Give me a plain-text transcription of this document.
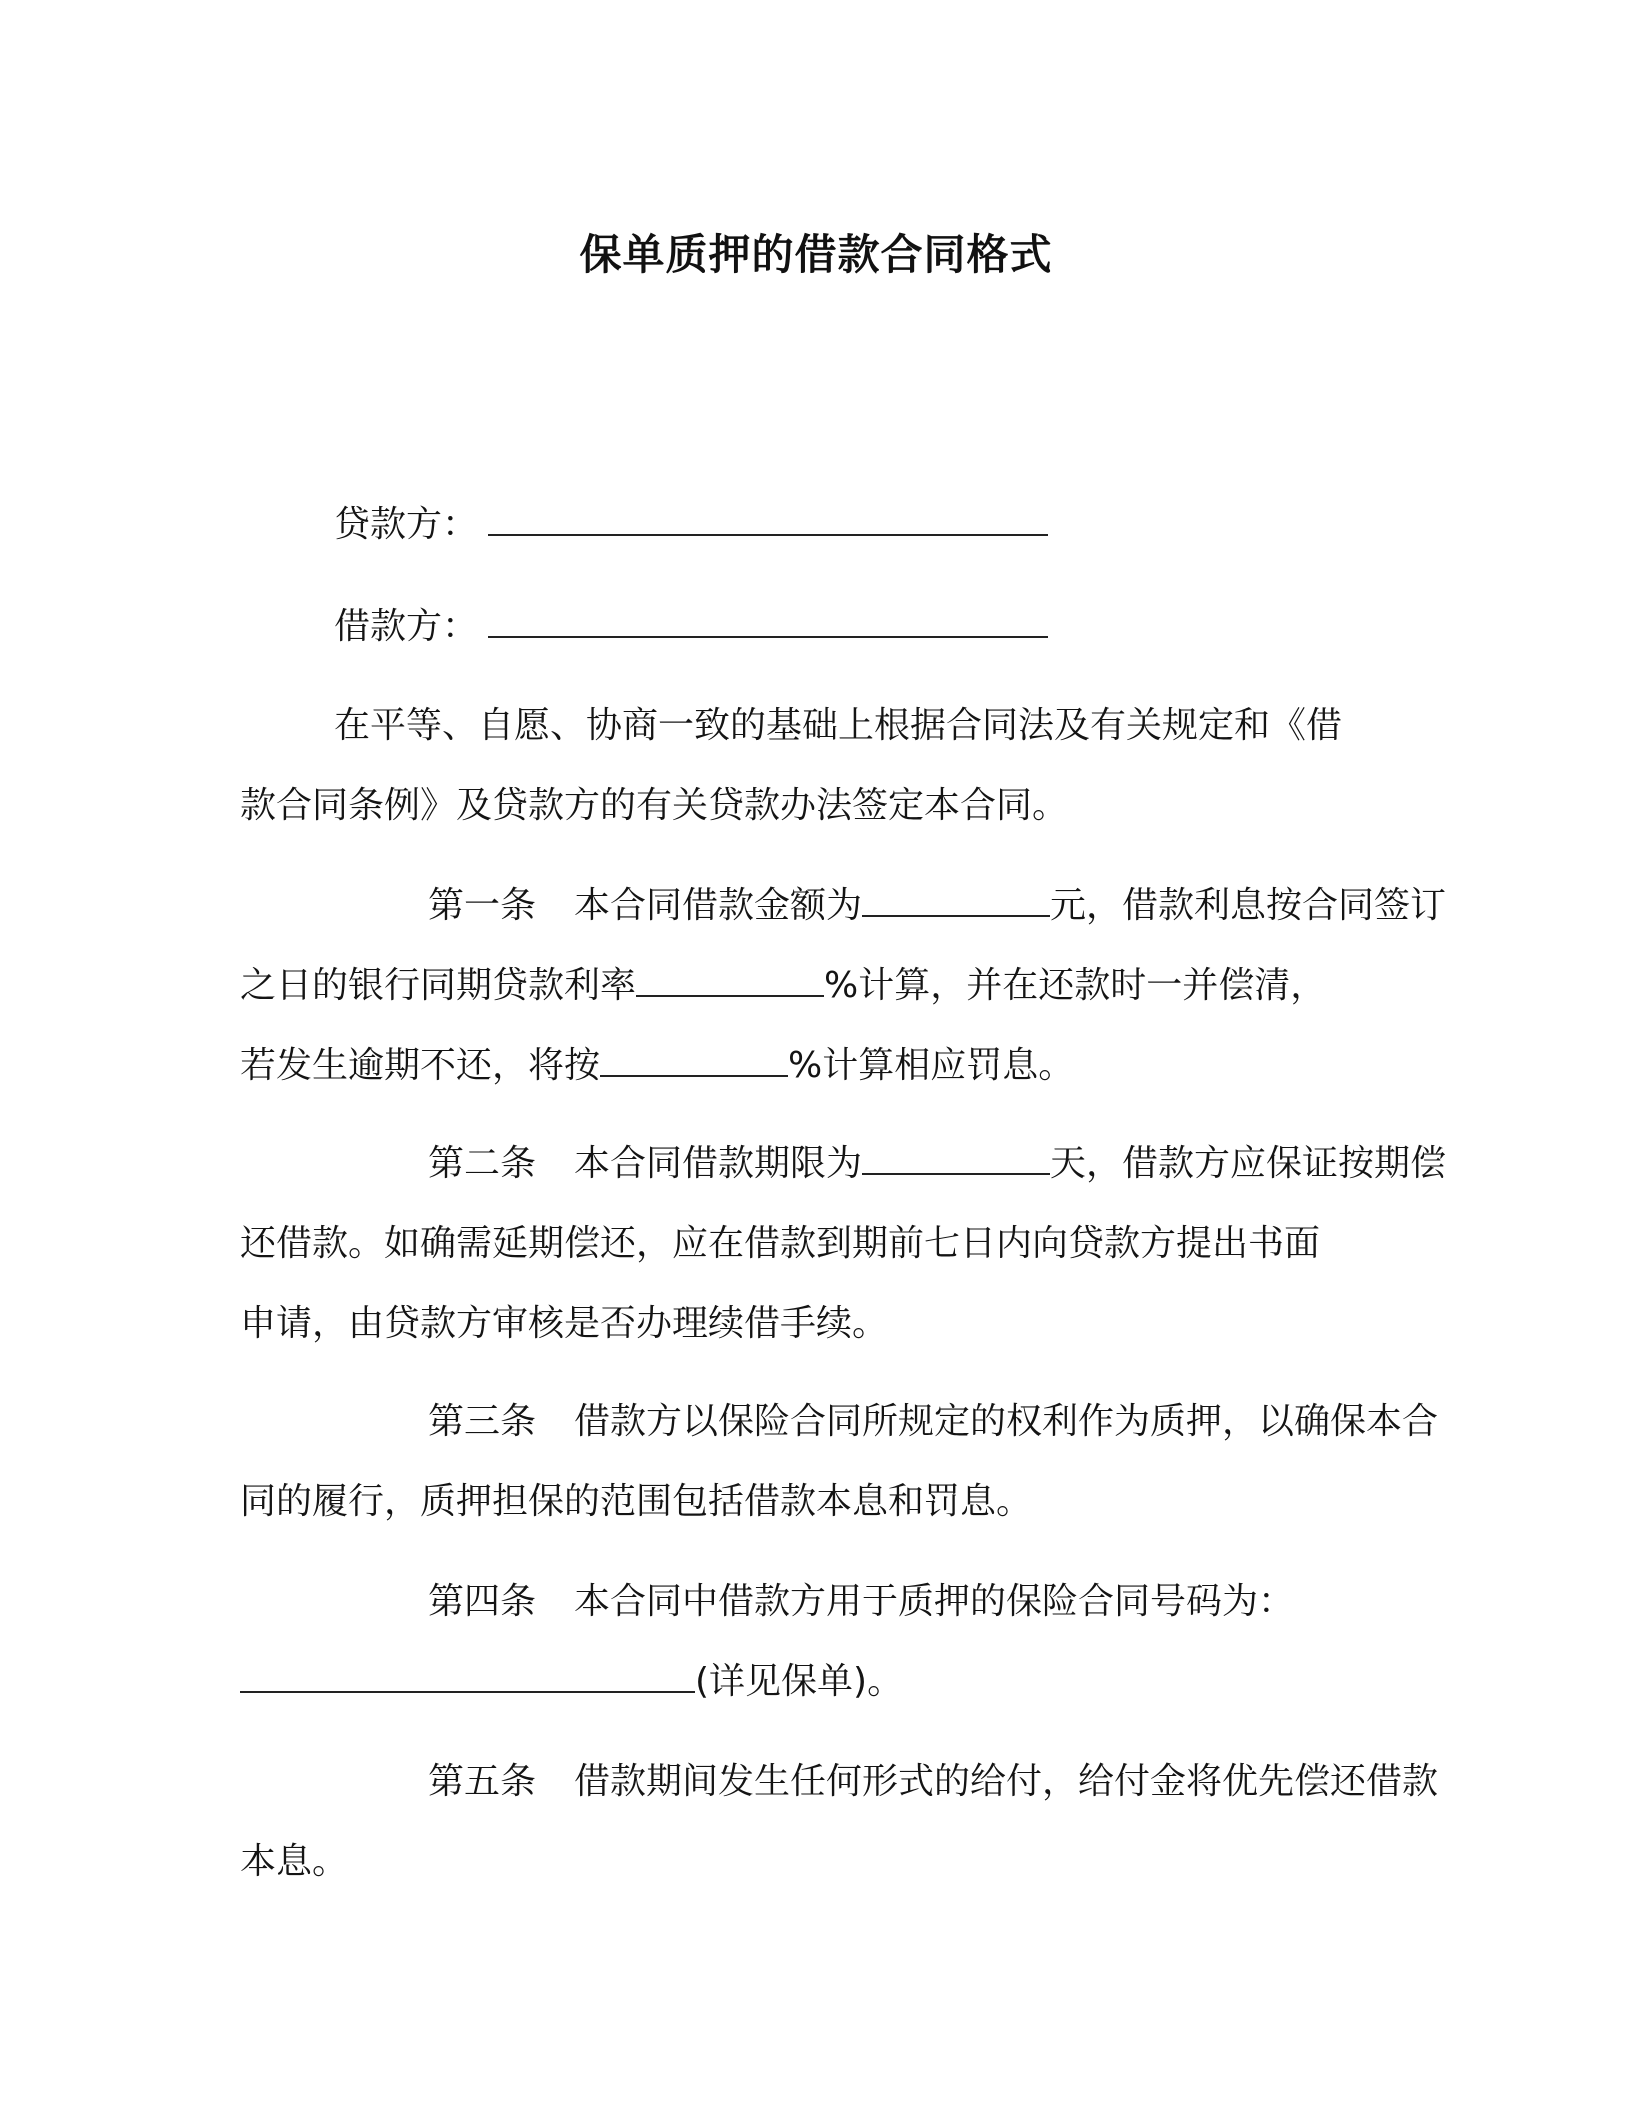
保单质押的借款合同格式
贷款方：
借款方：
在平等、自愿、协商一致的基础上根据合同法及有关规定和《借
款合同条例》及贷款方的有关贷款办法签定本合同。
第一条 本合同借款金额为	元，借款利息按合同签订
之日的银行同期贷款利率	%计算，并在还款时一并偿清，
若发生逾期不还，将按	%计算相应罚息。
第二条 本合同借款期限为	天，借款方应保证按期偿
还借款。如确需延期偿还，应在借款到期前七日内向贷款方提出书面
申请，由贷款方审核是否办理续借手续。
第三条 借款方以保险合同所规定的权利作为质押，以确保本合
同的履行，质押担保的范围包括借款本息和罚息。
第四条 本合同中借款方用于质押的保险合同号码为：
(详见保单)。
第五条 借款期间发生任何形式的给付，给付金将优先偿还借款
本息。
